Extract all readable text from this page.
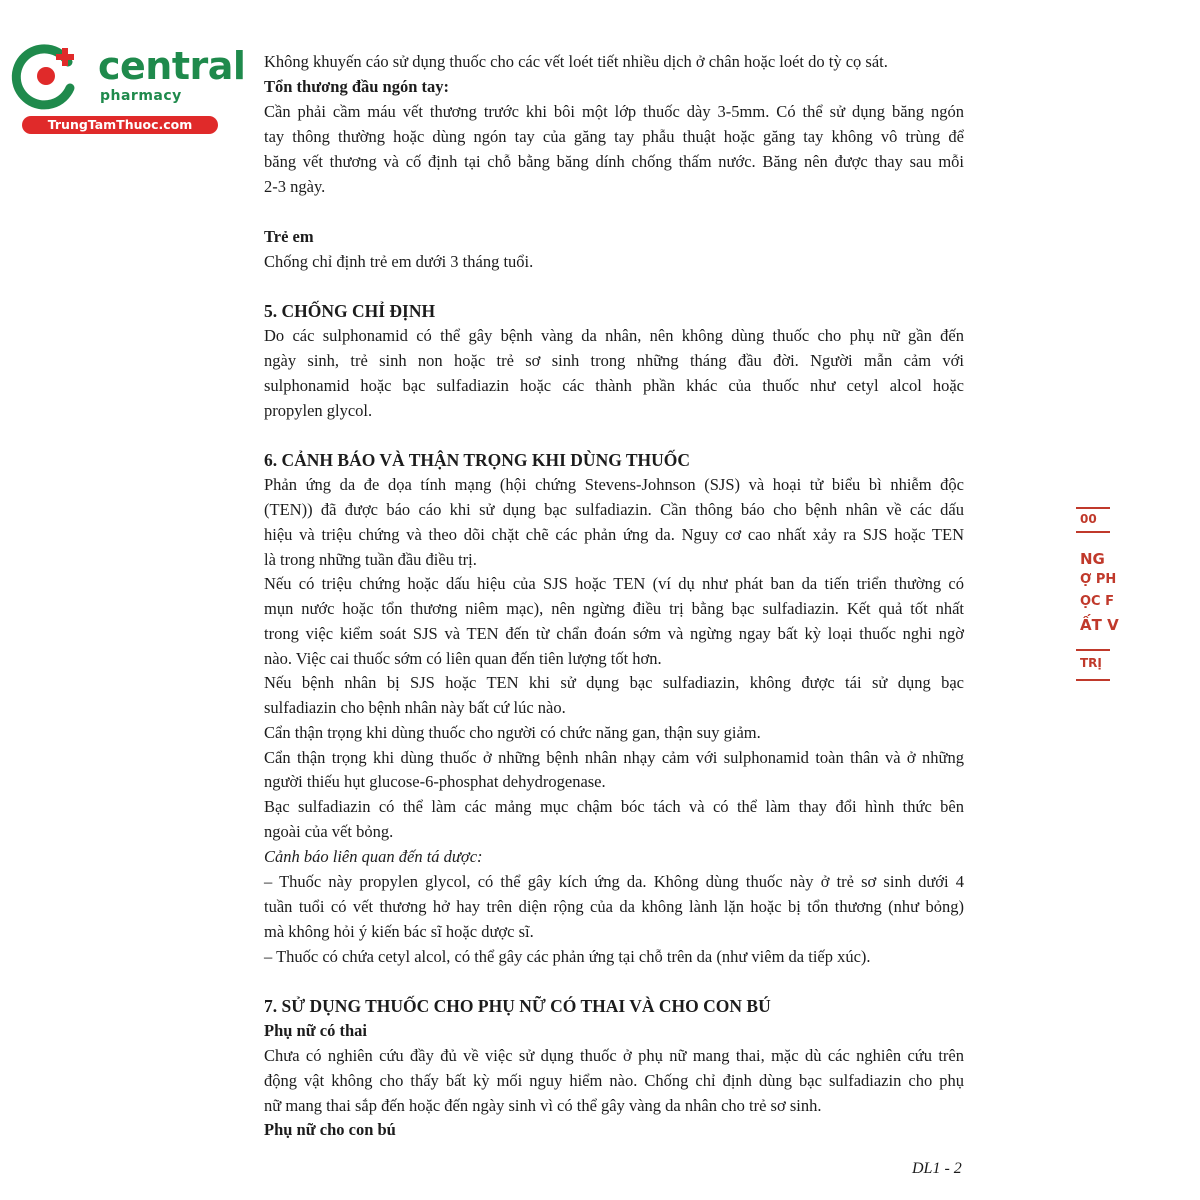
central
pharmacy
TrungTamThuoc.com
Không khuyến cáo sử dụng thuốc cho các vết loét tiết nhiều dịch ở chân hoặc loét do tỳ cọ sát.
Tổn thương đầu ngón tay:
Cần phải cầm máu vết thương trước khi bôi một lớp thuốc dày 3-5mm. Có thể sử dụng băng ngón
tay thông thường hoặc dùng ngón tay của găng tay phẫu thuật hoặc găng tay không vô trùng để
băng vết thương và cố định tại chỗ bằng băng dính chống thấm nước. Băng nên được thay sau mỗi
2-3 ngày.
Trẻ em
Chống chỉ định trẻ em dưới 3 tháng tuổi.
5. CHỐNG CHỈ ĐỊNH
Do các sulphonamid có thể gây bệnh vàng da nhân, nên không dùng thuốc cho phụ nữ gần đến
ngày sinh, trẻ sinh non hoặc trẻ sơ sinh trong những tháng đầu đời. Người mẫn cảm với
sulphonamid hoặc bạc sulfadiazin hoặc các thành phần khác của thuốc như cetyl alcol hoặc
propylen glycol.
6. CẢNH BÁO VÀ THẬN TRỌNG KHI DÙNG THUỐC
Phản ứng da đe dọa tính mạng (hội chứng Stevens-Johnson (SJS) và hoại tử biểu bì nhiễm độc
(TEN)) đã được báo cáo khi sử dụng bạc sulfadiazin. Cần thông báo cho bệnh nhân về các dấu
hiệu và triệu chứng và theo dõi chặt chẽ các phản ứng da. Nguy cơ cao nhất xảy ra SJS hoặc TEN
là trong những tuần đầu điều trị.
Nếu có triệu chứng hoặc dấu hiệu của SJS hoặc TEN (ví dụ như phát ban da tiến triển thường có
mụn nước hoặc tổn thương niêm mạc), nên ngừng điều trị bằng bạc sulfadiazin. Kết quả tốt nhất
trong việc kiểm soát SJS và TEN đến từ chẩn đoán sớm và ngừng ngay bất kỳ loại thuốc nghi ngờ
nào. Việc cai thuốc sớm có liên quan đến tiên lượng tốt hơn.
Nếu bệnh nhân bị SJS hoặc TEN khi sử dụng bạc sulfadiazin, không được tái sử dụng bạc
sulfadiazin cho bệnh nhân này bất cứ lúc nào.
Cẩn thận trọng khi dùng thuốc cho người có chức năng gan, thận suy giảm.
Cẩn thận trọng khi dùng thuốc ở những bệnh nhân nhạy cảm với sulphonamid toàn thân và ở những
người thiếu hụt glucose-6-phosphat dehydrogenase.
Bạc sulfadiazin có thể làm các mảng mục chậm bóc tách và có thể làm thay đổi hình thức bên
ngoài của vết bỏng.
Cảnh báo liên quan đến tá dược:
– Thuốc này propylen glycol, có thể gây kích ứng da. Không dùng thuốc này ở trẻ sơ sinh dưới 4
tuần tuổi có vết thương hở hay trên diện rộng của da không lành lặn hoặc bị tổn thương (như bỏng)
mà không hỏi ý kiến bác sĩ hoặc dược sĩ.
– Thuốc có chứa cetyl alcol, có thể gây các phản ứng tại chỗ trên da (như viêm da tiếp xúc).
7. SỬ DỤNG THUỐC CHO PHỤ NỮ CÓ THAI VÀ CHO CON BÚ
Phụ nữ có thai
Chưa có nghiên cứu đầy đủ về việc sử dụng thuốc ở phụ nữ mang thai, mặc dù các nghiên cứu trên
động vật không cho thấy bất kỳ mối nguy hiểm nào. Chống chỉ định dùng bạc sulfadiazin cho phụ
nữ mang thai sắp đến hoặc đến ngày sinh vì có thể gây vàng da nhân cho trẻ sơ sinh.
Phụ nữ cho con bú
DL1 - 2
00
NG
Ợ PH
ỌC F
ẤT V
TRỊ
